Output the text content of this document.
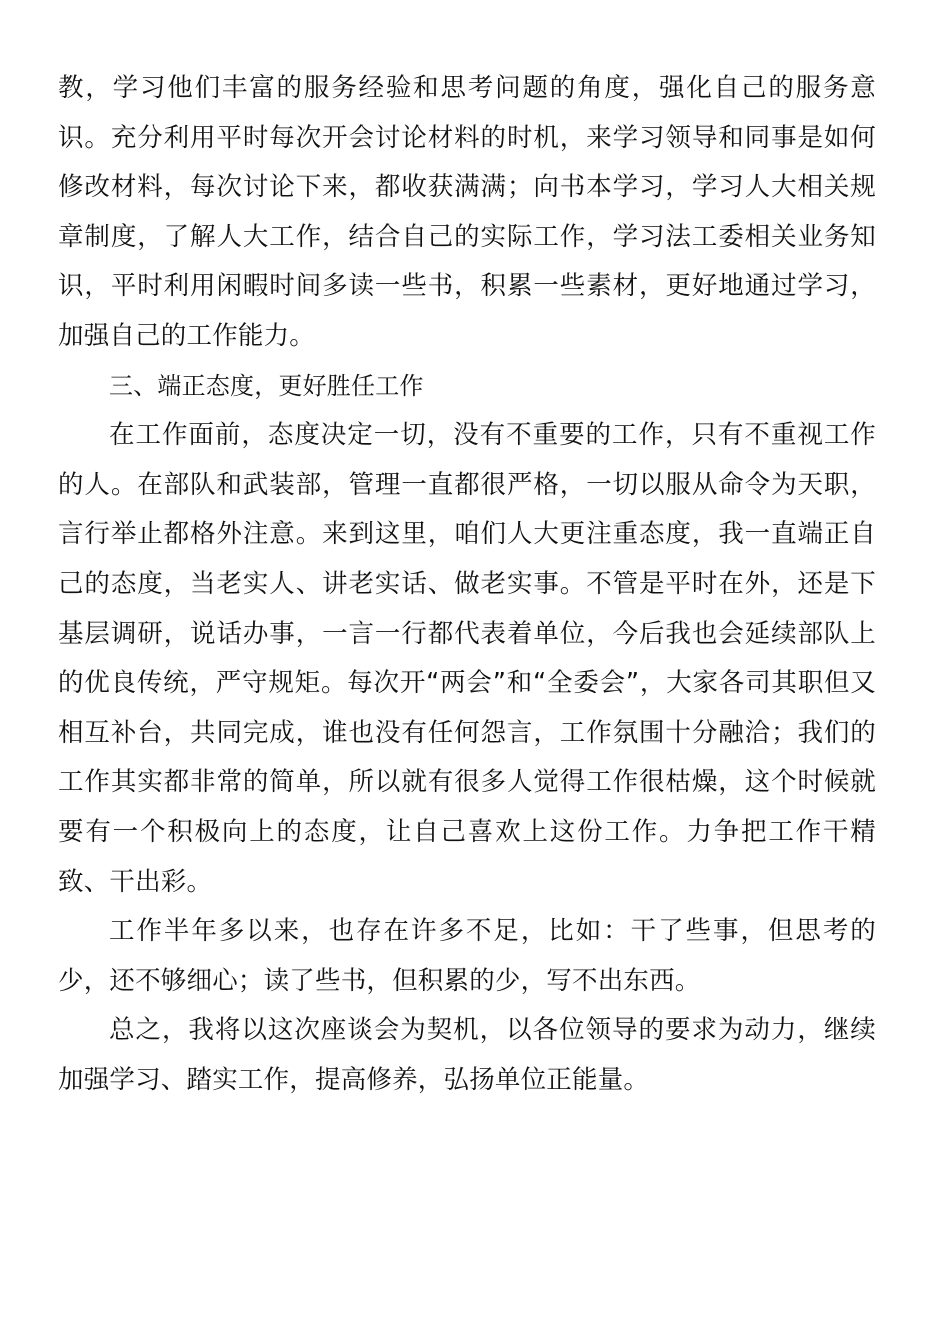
教，学习他们丰富的服务经验和思考问题的角度，强化自己的服务意识。充分利用平时每次开会讨论材料的时机，来学习领导和同事是如何修改材料，每次讨论下来，都收获满满；向书本学习，学习人大相关规章制度，了解人大工作，结合自己的实际工作，学习法工委相关业务知识，平时利用闲暇时间多读一些书，积累一些素材，更好地通过学习，加强自己的工作能力。

三、端正态度，更好胜任工作

在工作面前，态度决定一切，没有不重要的工作，只有不重视工作的人。在部队和武装部，管理一直都很严格，一切以服从命令为天职，言行举止都格外注意。来到这里，咱们人大更注重态度，我一直端正自己的态度，当老实人、讲老实话、做老实事。不管是平时在外，还是下基层调研，说话办事，一言一行都代表着单位，今后我也会延续部队上的优良传统，严守规矩。每次开“两会”和“全委会”，大家各司其职但又相互补台，共同完成，谁也没有任何怨言，工作氛围十分融洽；我们的工作其实都非常的简单，所以就有很多人觉得工作很枯燥，这个时候就要有一个积极向上的态度，让自己喜欢上这份工作。力争把工作干精致、干出彩。

工作半年多以来，也存在许多不足，比如：干了些事，但思考的少，还不够细心；读了些书，但积累的少，写不出东西。

总之，我将以这次座谈会为契机，以各位领导的要求为动力，继续加强学习、踏实工作，提高修养，弘扬单位正能量。
